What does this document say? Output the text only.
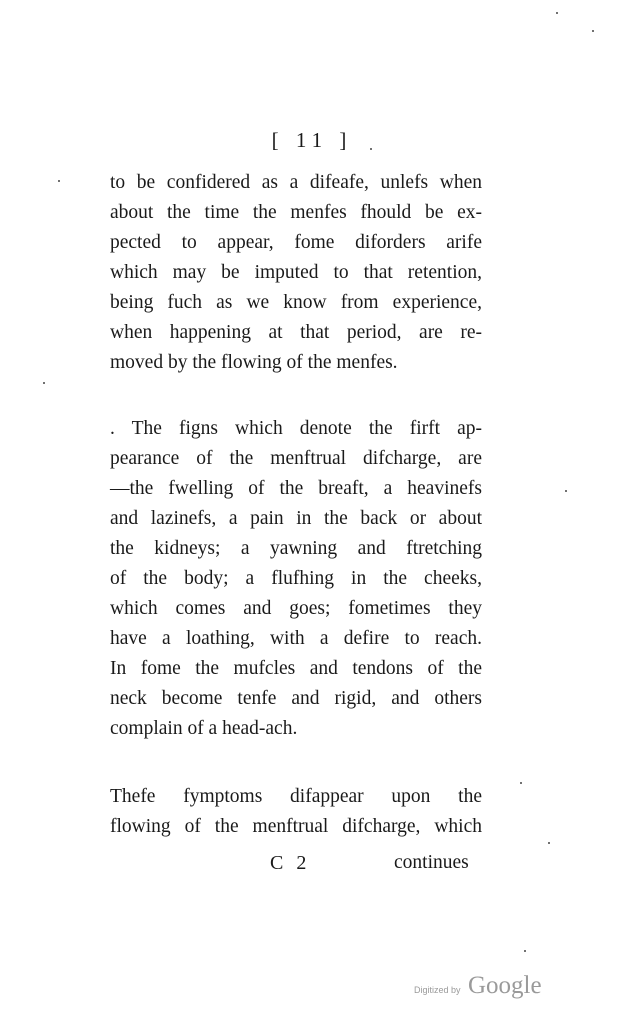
[ 11 ]
to be confidered as a difeafe, unlefs when
about the time the menfes fhould be ex-
pected to appear, fome diforders arife
which may be imputed to that retention,
being fuch as we know from experience,
when happening at that period, are re-
moved by the flowing of the menfes.
. The figns which denote the firft ap-
pearance of the menftrual difcharge, are
—the fwelling of the breaft, a heavinefs
and lazinefs, a pain in the back or about
the kidneys; a yawning and ftretching
of the body; a flufhing in the cheeks,
which comes and goes; fometimes they
have a loathing, with a defire to reach.
In fome the mufcles and tendons of the
neck become tenfe and rigid, and others
complain of a head-ach.
Thefe fymptoms difappear upon the
flowing of the menftrual difcharge, which
C 2	continues
Digitized by Google
